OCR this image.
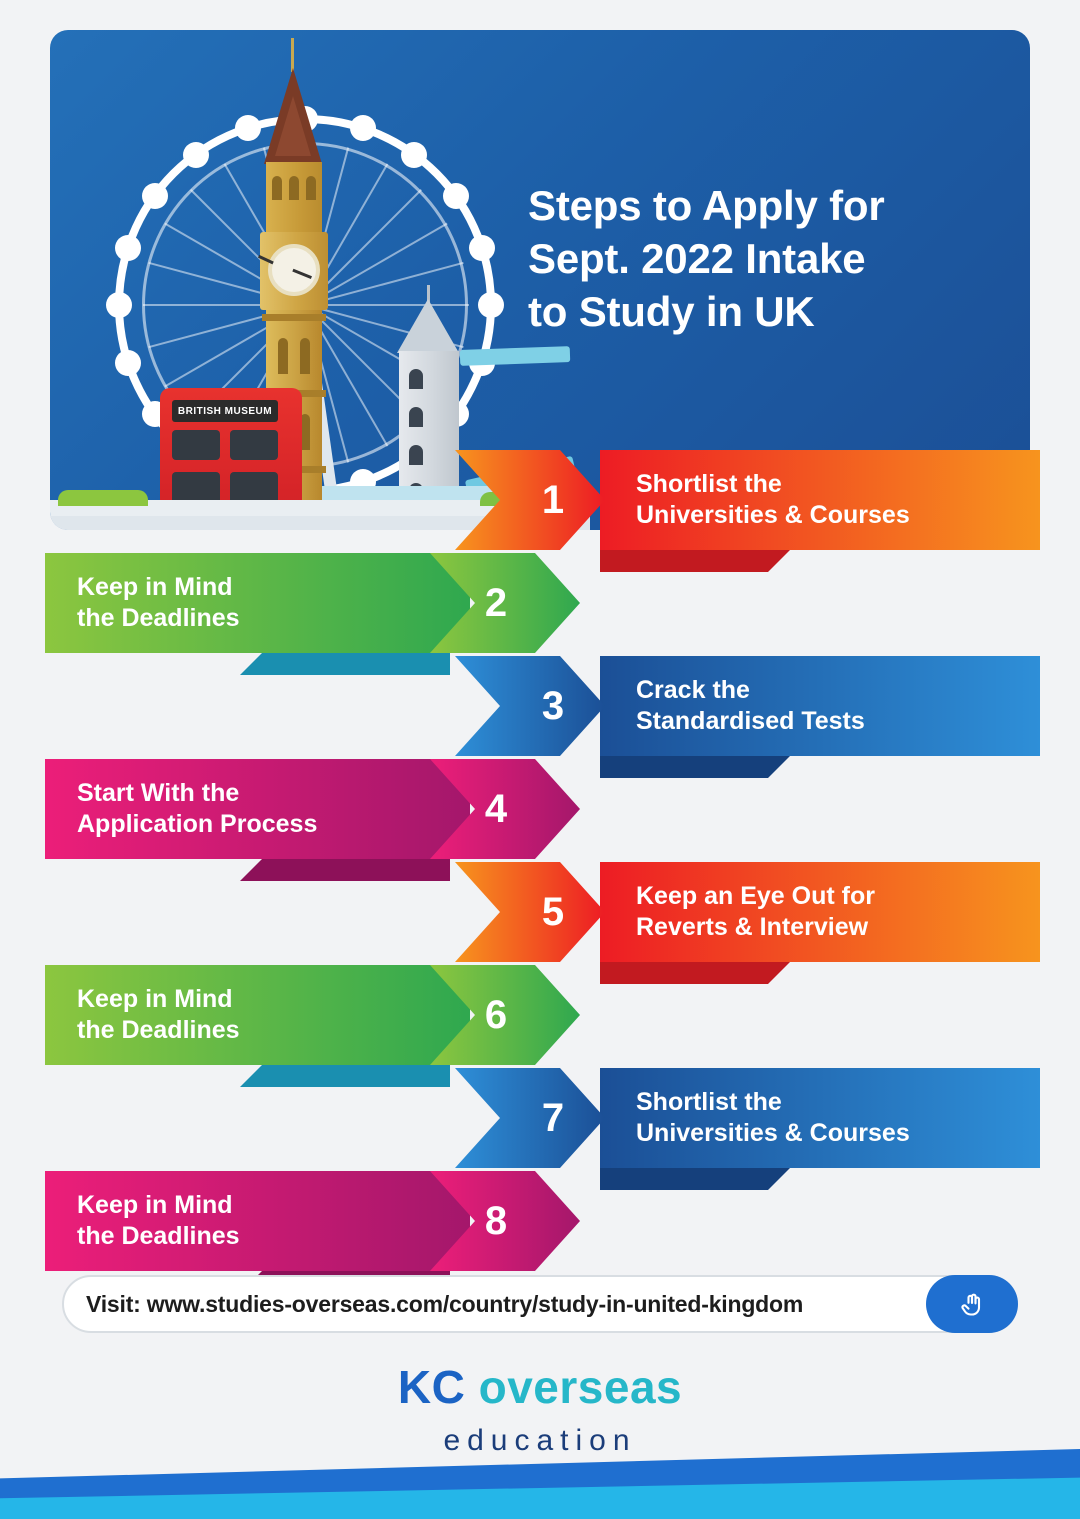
BRITISH MUSEUM
Steps to Apply for
Sept. 2022 Intake
to Study in UK
1	Shortlist the
Universities & Courses
2
Keep in Mind
the Deadlines
3	Crack the
Standardised Tests
4
Start With the
Application Process
5	Keep an Eye Out for
Reverts & Interview
6
Keep in Mind
the Deadlines
7	Shortlist the
Universities & Courses
8
Keep in Mind
the Deadlines
Visit: www.studies-overseas.com/country/study-in-united-kingdom
KC overseas
education
